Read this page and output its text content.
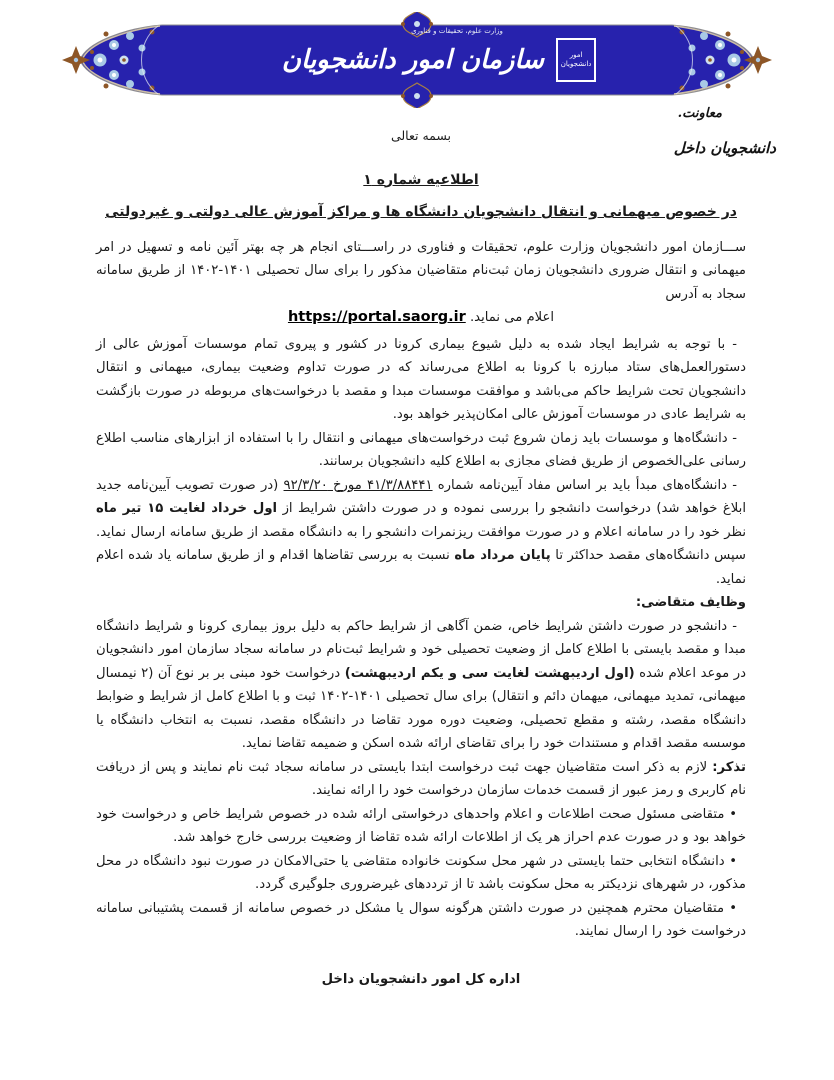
وزارت علوم، تحقیقات و فناوری
سازمان امور دانشجویان	امور
دانشجویان
معاونت.
دانشجویان داخل
بسمه تعالی
اطلاعیه شماره ۱
در خصوص میهمانی و انتقال دانشجویان دانشگاه ها و مراکز آموزش عالی دولتی و غیردولتی

ســـازمان امور دانشجویان وزارت علوم، تحقیقات و فناوری در راســـتای انجام هر چه بهتر آئین نامه و تسهیل در امر میهمانی و انتقال ضروری دانشجویان زمان ثبت‌نام متقاضیان مذکور را برای سال تحصیلی ۱۴۰۱-۱۴۰۲ از طریق سامانه سجاد به آدرس

اعلام می نماید. https://portal.saorg.ir

- با توجه به شرایط ایجاد شده به دلیل شیوع بیماری کرونا در کشور و پیروی تمام موسسات آموزش عالی از دستورالعمل‌های ستاد مبارزه با کرونا به اطلاع می‌رساند که در صورت تداوم وضعیت بیماری، میهمانی و انتقال دانشجویان تحت شرایط حاکم می‌باشد و موافقت موسسات مبدا و مقصد با درخواست‌های مربوطه در صورت بازگشت به شرایط عادی در موسسات آموزش عالی امکان‌پذیر خواهد بود.

- دانشگاه‌ها و موسسات باید زمان شروع ثبت درخواست‌های میهمانی و انتقال را با استفاده از ابزارهای مناسب اطلاع رسانی علی‌الخصوص از طریق فضای مجازی به اطلاع کلیه دانشجویان برسانند.

- دانشگاه‌های مبدأ باید بر اساس مفاد آیین‌نامه شماره ۴۱/۳/۸۸۴۴۱ مورخ ۹۲/۳/۲۰ (در صورت تصویب آیین‌نامه جدید ابلاغ خواهد شد) درخواست دانشجو را بررسی نموده و در صورت داشتن شرایط از اول خرداد لغایت ۱۵ تیر ماه نظر خود را در سامانه اعلام و در صورت موافقت ریزنمرات دانشجو را به دانشگاه مقصد از طریق سامانه ارسال نماید. سپس دانشگاه‌های مقصد حداکثر تا پایان مرداد ماه نسبت به بررسی تقاضاها اقدام و از طریق سامانه یاد شده اعلام نماید.

وظایف متقاضی:

- دانشجو در صورت داشتن شرایط خاص، ضمن آگاهی از شرایط حاکم به دلیل بروز بیماری کرونا و شرایط دانشگاه مبدا و مقصد بایستی با اطلاع کامل از وضعیت تحصیلی خود و شرایط ثبت‌نام در سامانه سجاد سازمان امور دانشجویان در موعد اعلام شده (اول اردیبهشت لغایت سی و یکم اردیبهشت) درخواست خود مبنی بر بر نوع آن (۲ نیمسال میهمانی، تمدید میهمانی، میهمان دائم و انتقال) برای سال تحصیلی ۱۴۰۱-۱۴۰۲ ثبت و با اطلاع کامل از شرایط و ضوابط دانشگاه مقصد، رشته و مقطع تحصیلی، وضعیت دوره مورد تقاضا در دانشگاه مقصد، نسبت به انتخاب دانشگاه یا موسسه مقصد اقدام و مستندات خود را برای تقاضای ارائه شده اسکن و ضمیمه تقاضا نماید.

تذکر: لازم به ذکر است متقاضیان جهت ثبت درخواست ابتدا بایستی در سامانه سجاد ثبت نام نمایند و پس از دریافت نام کاربری و رمز عبور از قسمت خدمات سازمان درخواست خود را ارائه نمایند.

• متقاضی مسئول صحت اطلاعات و اعلام واحدهای درخواستی ارائه شده در خصوص شرایط خاص و درخواست خود خواهد بود و در صورت عدم احراز هر یک از اطلاعات ارائه شده تقاضا از وضعیت بررسی خارج خواهد شد.

• دانشگاه انتخابی حتما بایستی در شهر محل سکونت خانواده متقاضی یا حتی‌الامکان در صورت نبود دانشگاه در محل مذکور، در شهرهای نزدیکتر به محل سکونت باشد تا از ترددهای غیرضروری جلوگیری گردد.

• متقاضیان محترم همچنین در صورت داشتن هرگونه سوال یا مشکل در خصوص سامانه از قسمت پشتیبانی سامانه درخواست خود را ارسال نمایند.

اداره کل امور دانشجویان داخل
